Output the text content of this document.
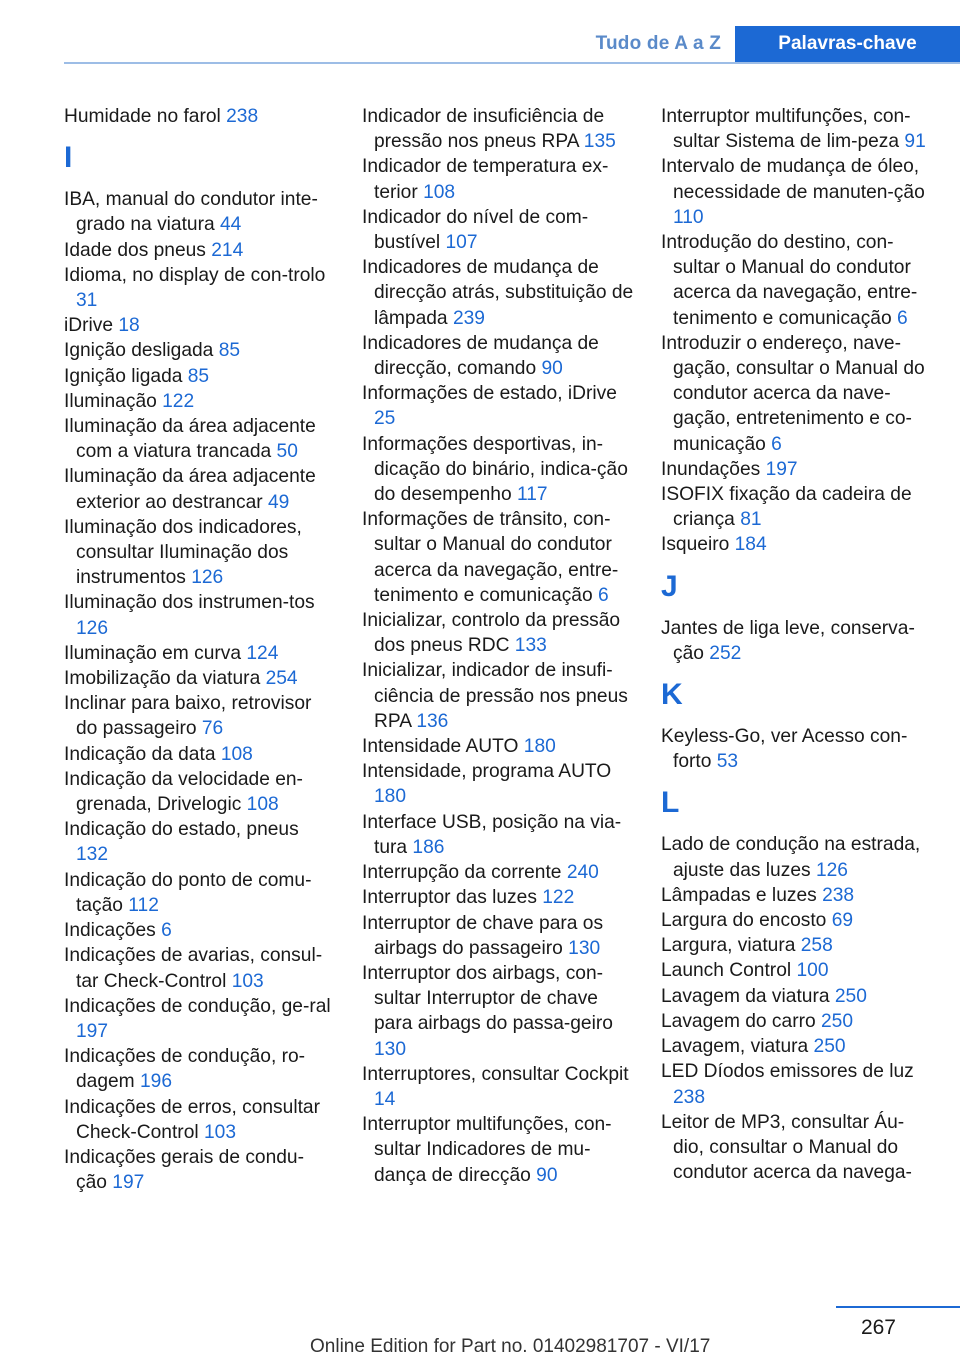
Tudo de A a Z	Palavras-chave
Humidade no farol 238
I
IBA, manual do condutor inte‐grado na viatura 44
Idade dos pneus 214
Idioma, no display de con‐trolo 31
iDrive 18
Ignição desligada 85
Ignição ligada 85
Iluminação 122
Iluminação da área adjacente com a viatura trancada 50
Iluminação da área adjacente exterior ao destrancar 49
Iluminação dos indicadores, consultar Iluminação dos instrumentos 126
Iluminação dos instrumen‐tos 126
Iluminação em curva 124
Imobilização da viatura 254
Inclinar para baixo, retrovisor do passageiro 76
Indicação da data 108
Indicação da velocidade en‐grenada, Drivelogic 108
Indicação do estado, pneus 132
Indicação do ponto de comu‐tação 112
Indicações 6
Indicações de avarias, consul‐tar Check-Control 103
Indicações de condução, ge‐ral 197
Indicações de condução, ro‐dagem 196
Indicações de erros, consultar Check-Control 103
Indicações gerais de condu‐ção 197
Indicador de insuficiência de pressão nos pneus RPA 135
Indicador de temperatura ex‐terior 108
Indicador do nível de com‐bustível 107
Indicadores de mudança de direcção atrás, substituição de lâmpada 239
Indicadores de mudança de direcção, comando 90
Informações de estado, iDrive 25
Informações desportivas, in‐dicação do binário, indica‐ção do desempenho 117
Informações de trânsito, con‐sultar o Manual do condutor acerca da navegação, entre‐tenimento e comunicação 6
Inicializar, controlo da pressão dos pneus RDC 133
Inicializar, indicador de insufi‐ciência de pressão nos pneus RPA 136
Intensidade AUTO 180
Intensidade, programa AUTO 180
Interface USB, posição na via‐tura 186
Interrupção da corrente 240
Interruptor das luzes 122
Interruptor de chave para os airbags do passageiro 130
Interruptor dos airbags, con‐sultar Interruptor de chave para airbags do passa‐geiro 130
Interruptores, consultar Cockpit 14
Interruptor multifunções, con‐sultar Indicadores de mu‐dança de direcção 90
Interruptor multifunções, con‐sultar Sistema de lim‐peza 91
Intervalo de mudança de óleo, necessidade de manuten‐ção 110
Introdução do destino, con‐sultar o Manual do condutor acerca da navegação, entre‐tenimento e comunicação 6
Introduzir o endereço, nave‐gação, consultar o Manual do condutor acerca da nave‐gação, entretenimento e co‐municação 6
Inundações 197
ISOFIX fixação da cadeira de criança 81
Isqueiro 184
J
Jantes de liga leve, conserva‐ção 252
K
Keyless-Go, ver Acesso con‐forto 53
L
Lado de condução na estrada, ajuste das luzes 126
Lâmpadas e luzes 238
Largura do encosto 69
Largura, viatura 258
Launch Control 100
Lavagem da viatura 250
Lavagem do carro 250
Lavagem, viatura 250
LED Díodos emissores de luz 238
Leitor de MP3, consultar Áu‐dio, consultar o Manual do condutor acerca da navega‐
267
Online Edition for Part no. 01402981707 - VI/17
